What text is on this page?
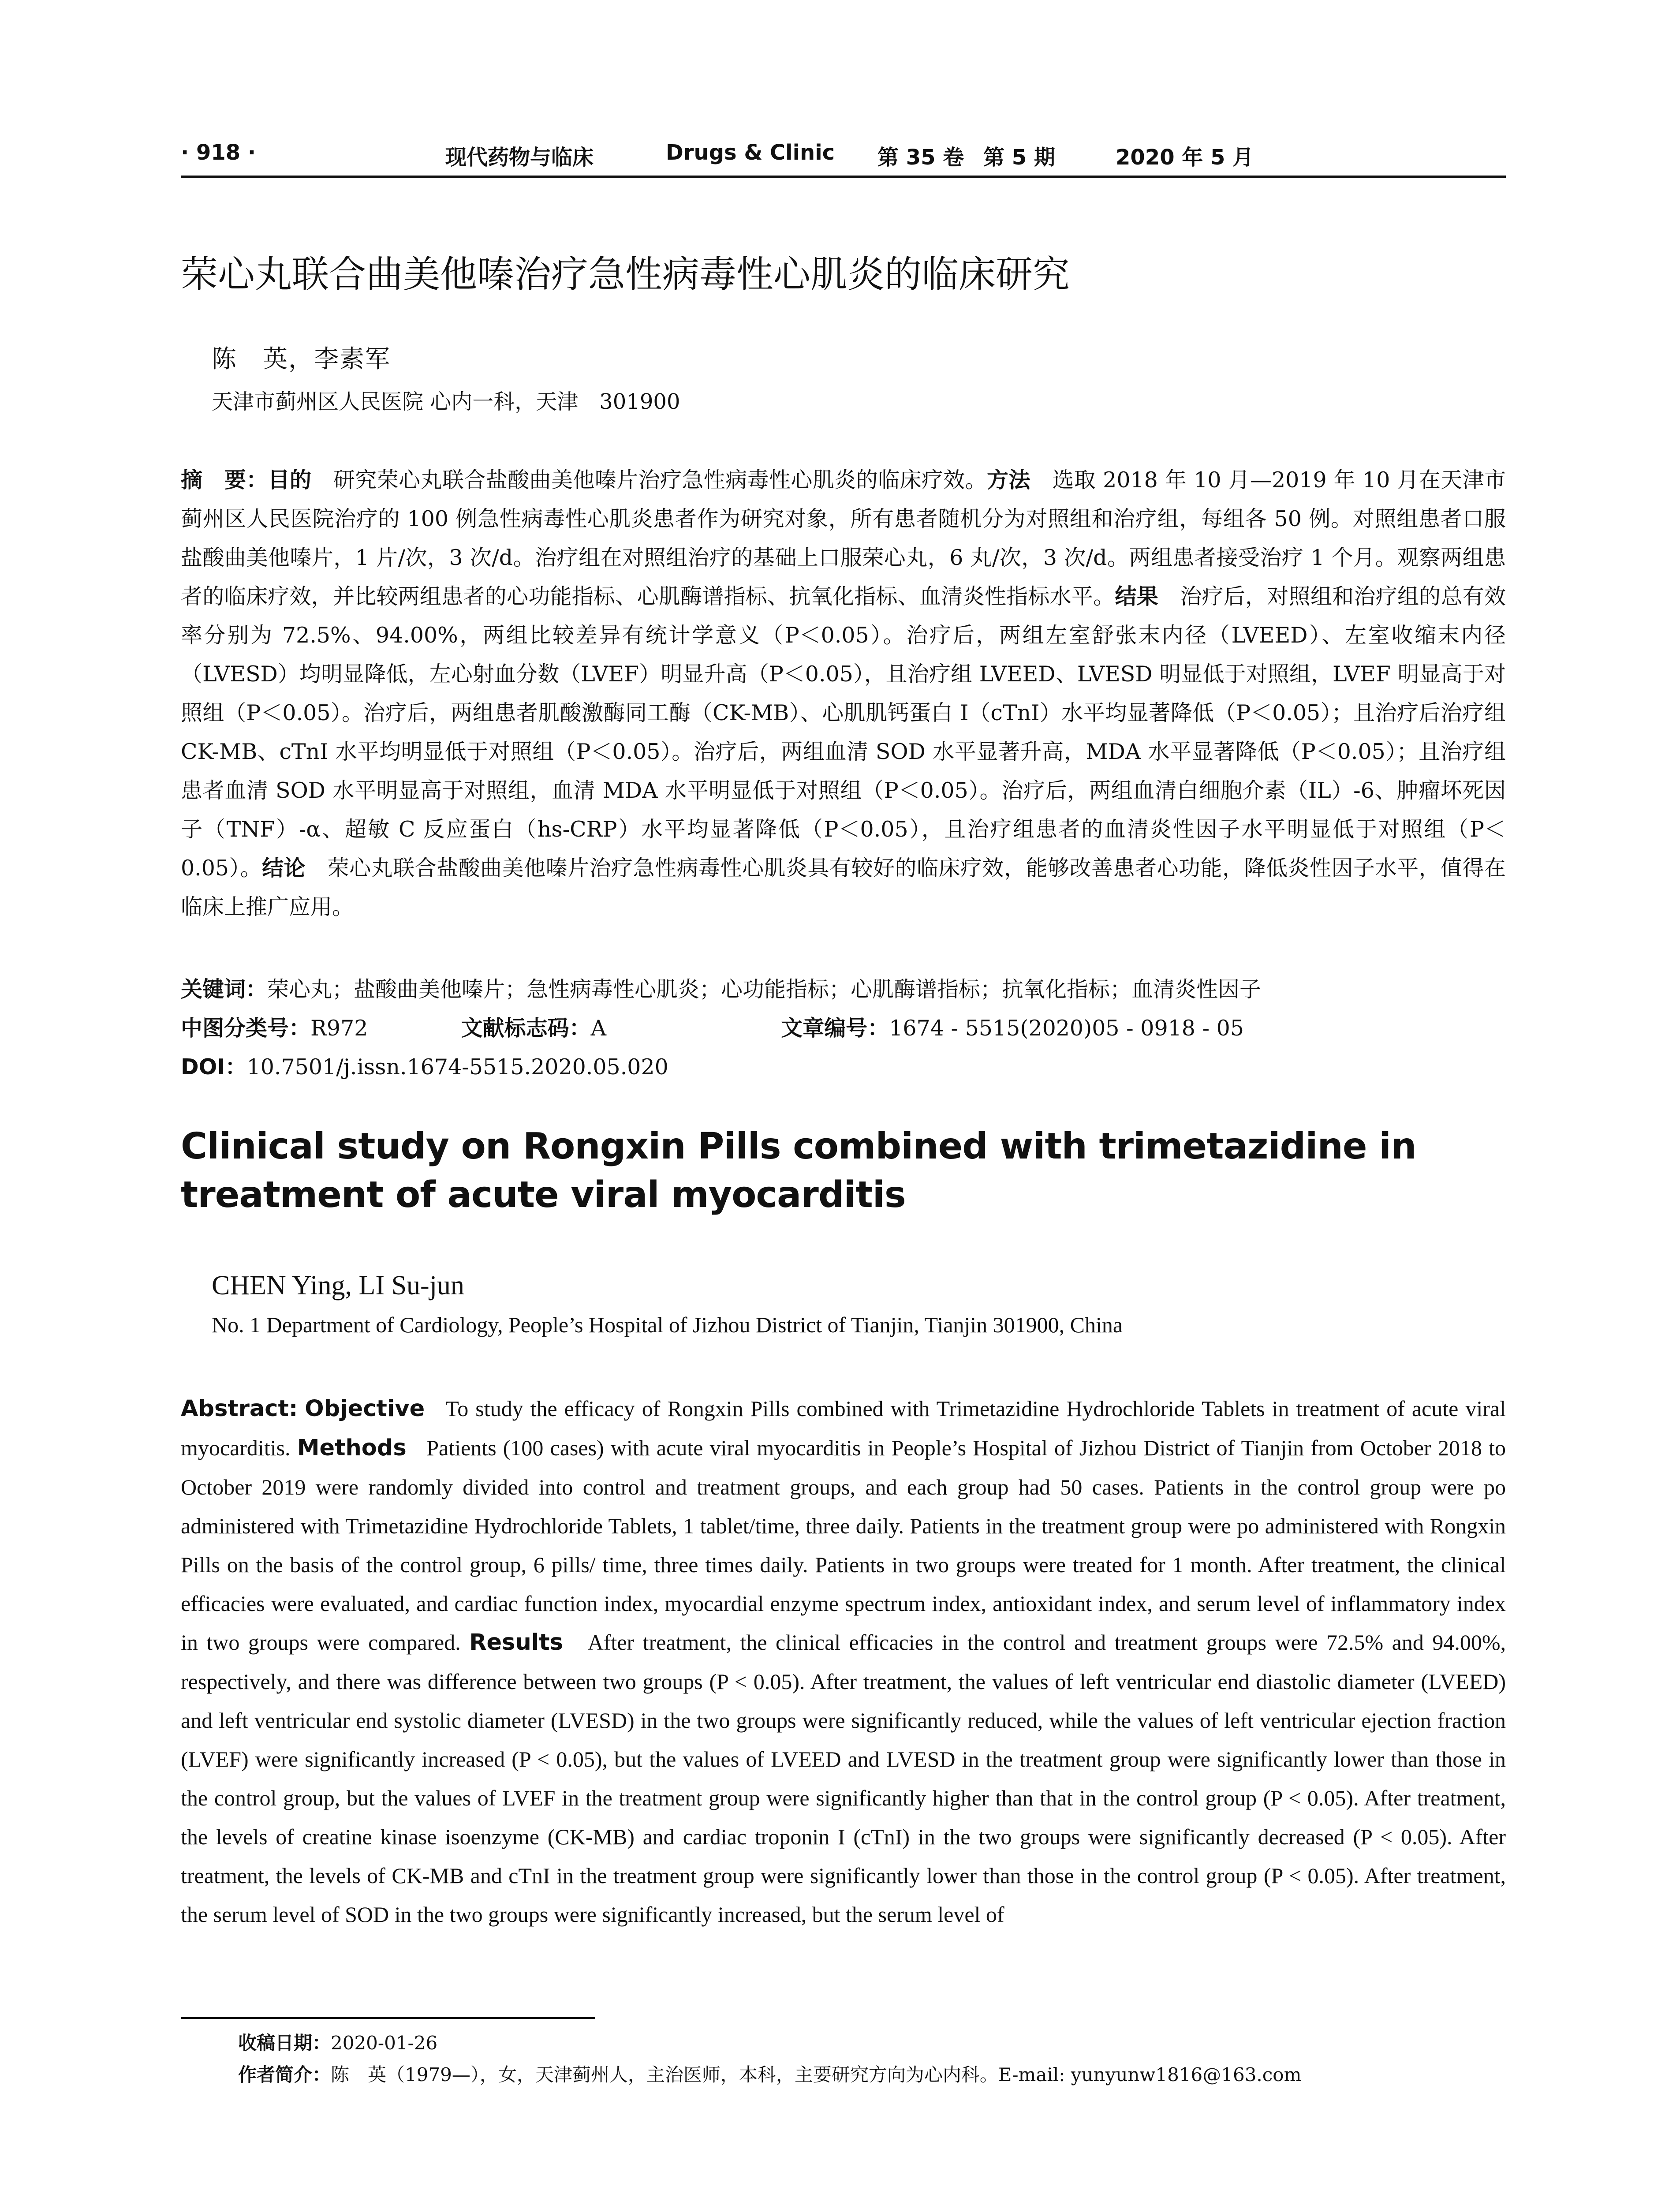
· 918 ·	现代药物与临床	Drugs & Clinic 第 35 卷 第 5 期	2020 年 5 月
荣心丸联合曲美他嗪治疗急性病毒性心肌炎的临床研究
陈　英，李素军
天津市蓟州区人民医院 心内一科，天津　301900
摘　要：目的　 研究荣心丸联合盐酸曲美他嗪片治疗急性病毒性心肌炎的临床疗效。方法　 选取 2018 年 10 月—2019 年 10 月在天津市蓟州区人民医院治疗的 100 例急性病毒性心肌炎患者作为研究对象，所有患者随机分为对照组和治疗组，每组各 50 例。对照组患者口服盐酸曲美他嗪片，1 片/次，3 次/d。治疗组在对照组治疗的基础上口服荣心丸，6 丸/次，3 次/d。两组患者接受治疗 1 个月。观察两组患者的临床疗效，并比较两组患者的心功能指标、心肌酶谱指标、抗氧化指标、血清炎性指标水平。结果　 治疗后，对照组和治疗组的总有效率分别为 72.5%、94.00%，两组比较差异有统计学意义（P＜0.05）。治疗后，两组左室舒张末内径（LVEED）、左室收缩末内径（LVESD）均明显降低，左心射血分数（LVEF）明显升高（P＜0.05），且治疗组 LVEED、LVESD 明显低于对照组，LVEF 明显高于对照组（P＜0.05）。治疗后，两组患者肌酸激酶同工酶（CK-MB）、心肌肌钙蛋白 I（cTnI）水平均显著降低（P＜0.05）；且治疗后治疗组 CK-MB、cTnI 水平均明显低于对照组（P＜0.05）。治疗后，两组血清 SOD 水平显著升高，MDA 水平显著降低（P＜0.05）；且治疗组患者血清 SOD 水平明显高于对照组，血清 MDA 水平明显低于对照组（P＜0.05）。治疗后，两组血清白细胞介素（IL）-6、肿瘤坏死因子（TNF）-α、超敏 C 反应蛋白（hs-CRP）水平均显著降低（P＜0.05），且治疗组患者的血清炎性因子水平明显低于对照组（P＜0.05）。结论　 荣心丸联合盐酸曲美他嗪片治疗急性病毒性心肌炎具有较好的临床疗效，能够改善患者心功能，降低炎性因子水平，值得在临床上推广应用。
关键词：荣心丸；盐酸曲美他嗪片；急性病毒性心肌炎；心功能指标；心肌酶谱指标；抗氧化指标；血清炎性因子
中图分类号：R972	文献标志码：A	文章编号：1674 - 5515(2020)05 - 0918 - 05
DOI：10.7501/j.issn.1674-5515.2020.05.020
Clinical study on Rongxin Pills combined with trimetazidine in treatment of acute viral myocarditis
CHEN Ying, LI Su-jun
No. 1 Department of Cardiology, People’s Hospital of Jizhou District of Tianjin, Tianjin 301900, China
Abstract: Objective To study the efficacy of Rongxin Pills combined with Trimetazidine Hydrochloride Tablets in treatment of acute viral myocarditis. Methods Patients (100 cases) with acute viral myocarditis in People’s Hospital of Jizhou District of Tianjin from October 2018 to October 2019 were randomly divided into control and treatment groups, and each group had 50 cases. Patients in the control group were po administered with Trimetazidine Hydrochloride Tablets, 1 tablet/time, three daily. Patients in the treatment group were po administered with Rongxin Pills on the basis of the control group, 6 pills/ time, three times daily. Patients in two groups were treated for 1 month. After treatment, the clinical efficacies were evaluated, and cardiac function index, myocardial enzyme spectrum index, antioxidant index, and serum level of inflammatory index in two groups were compared. Results After treatment, the clinical efficacies in the control and treatment groups were 72.5% and 94.00%, respectively, and there was difference between two groups (P < 0.05). After treatment, the values of left ventricular end diastolic diameter (LVEED) and left ventricular end systolic diameter (LVESD) in the two groups were significantly reduced, while the values of left ventricular ejection fraction (LVEF) were significantly increased (P < 0.05), but the values of LVEED and LVESD in the treatment group were significantly lower than those in the control group, but the values of LVEF in the treatment group were significantly higher than that in the control group (P < 0.05). After treatment, the levels of creatine kinase isoenzyme (CK-MB) and cardiac troponin I (cTnI) in the two groups were significantly decreased (P < 0.05). After treatment, the levels of CK-MB and cTnI in the treatment group were significantly lower than those in the control group (P < 0.05). After treatment, the serum level of SOD in the two groups were significantly increased, but the serum level of
收稿日期：2020-01-26
作者简介：陈　英（1979—），女，天津蓟州人，主治医师，本科，主要研究方向为心内科。E-mail: yunyunw1816@163.com
